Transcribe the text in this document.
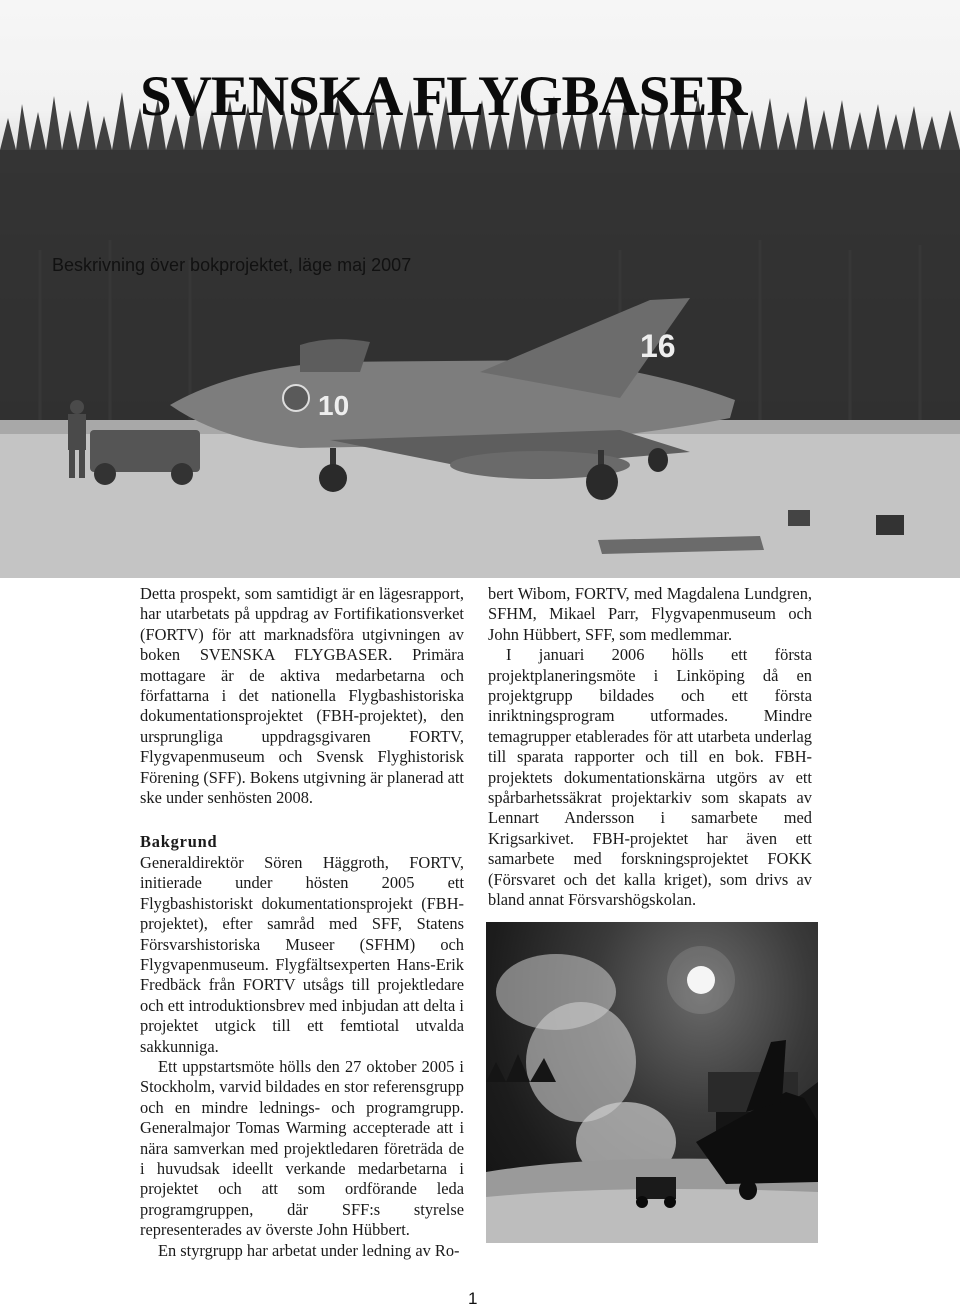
10
16
SVENSKA FLYGBASER

Beskrivning över bokprojektet, läge maj 2007

Detta prospekt, som samtidigt är en lägesrapport, har utarbetats på uppdrag av Fortifikationsverket (FORTV) för att marknadsföra utgivningen av boken SVENSKA FLYGBASER. Primära mottagare är de aktiva medarbetarna och författarna i det nationella Flygbashistoriska dokumentationsprojektet (FBH-projektet), den ursprungliga uppdragsgivaren FORTV, Flygvapenmuseum och Svensk Flyghistorisk Förening (SFF). Bokens utgivning är planerad att ske under senhösten 2008.

Bakgrund

Generaldirektör Sören Häggroth, FORTV, initierade under hösten 2005 ett Flygbashistoriskt dokumentationsprojekt (FBH-projektet), efter samråd med SFF, Statens Försvarshistoriska Museer (SFHM) och Flygvapenmuseum. Flygfältsexperten Hans-Erik Fredbäck från FORTV utsågs till projektledare och ett introduktionsbrev med inbjudan att delta i projektet utgick till ett femtiotal utvalda sakkunniga.

Ett uppstartsmöte hölls den 27 oktober 2005 i Stockholm, varvid bildades en stor referensgrupp och en mindre lednings- och programgrupp. Generalmajor Tomas Warming accepterade att i nära samverkan med projektledaren företräda de i huvudsak ideellt verkande medarbetarna i projektet och att som ordförande leda programgruppen, där SFF:s styrelse representerades av överste John Hübbert.

En styrgrupp har arbetat under ledning av Ro-

bert Wibom, FORTV, med Magdalena Lundgren, SFHM, Mikael Parr, Flygvapenmuseum och John Hübbert, SFF, som medlemmar.

I januari 2006 hölls ett första projektplaneringsmöte i Linköping då en projektgrupp bildades och ett första inriktningsprogram utformades. Mindre temagrupper etablerades för att utarbeta underlag till sparata rapporter och till en bok. FBH-projektets dokumentationskärna utgörs av ett spårbarhetssäkrat projektarkiv som skapats av Lennart Andersson i samarbete med Krigsarkivet. FBH-projektet har även ett samarbete med forskningsprojektet FOKK (Försvaret och det kalla kriget), som drivs av bland annat Försvarshögskolan.

1
